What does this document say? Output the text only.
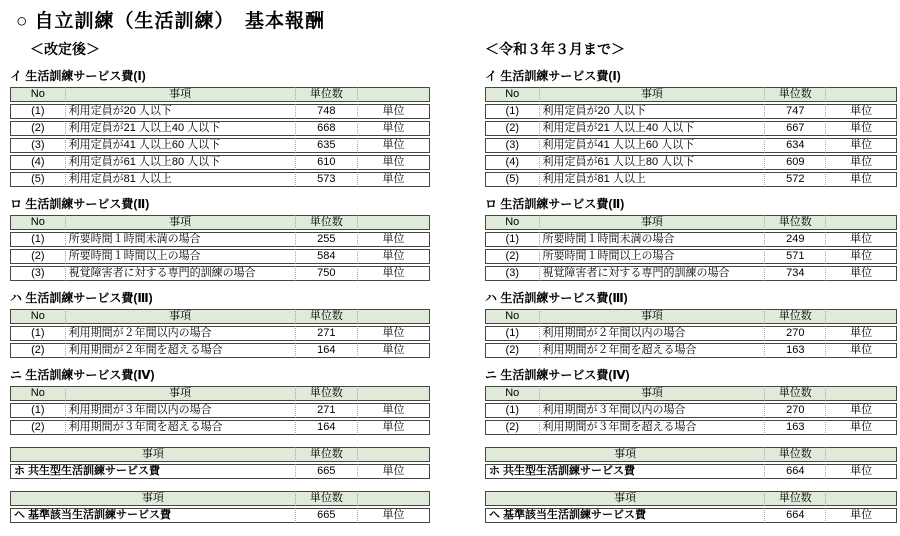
○ 自立訓練（生活訓練）　基本報酬
＜改定後＞
イ 生活訓練サービス費(Ⅰ)
No	事項	単位数	
(1)	利用定員が20 人以下	748	単位
(2)	利用定員が21 人以上40 人以下	668	単位
(3)	利用定員が41 人以上60 人以下	635	単位
(4)	利用定員が61 人以上80 人以下	610	単位
(5)	利用定員が81 人以上	573	単位
ロ 生活訓練サービス費(Ⅱ)
No	事項	単位数	
(1)	所要時間１時間未満の場合	255	単位
(2)	所要時間１時間以上の場合	584	単位
(3)	視覚障害者に対する専門的訓練の場合	750	単位
ハ 生活訓練サービス費(Ⅲ)
No	事項	単位数	
(1)	利用期間が２年間以内の場合	271	単位
(2)	利用期間が２年間を超える場合	164	単位
ニ 生活訓練サービス費(Ⅳ)
No	事項	単位数	
(1)	利用期間が３年間以内の場合	271	単位
(2)	利用期間が３年間を超える場合	164	単位
事項	単位数	
ホ 共生型生活訓練サービス費	665	単位
事項	単位数	
ヘ 基準該当生活訓練サービス費	665	単位
＜令和３年３月まで＞
イ 生活訓練サービス費(Ⅰ)
No	事項	単位数	
(1)	利用定員が20 人以下	747	単位
(2)	利用定員が21 人以上40 人以下	667	単位
(3)	利用定員が41 人以上60 人以下	634	単位
(4)	利用定員が61 人以上80 人以下	609	単位
(5)	利用定員が81 人以上	572	単位
ロ 生活訓練サービス費(Ⅱ)
No	事項	単位数	
(1)	所要時間１時間未満の場合	249	単位
(2)	所要時間１時間以上の場合	571	単位
(3)	視覚障害者に対する専門的訓練の場合	734	単位
ハ 生活訓練サービス費(Ⅲ)
No	事項	単位数	
(1)	利用期間が２年間以内の場合	270	単位
(2)	利用期間が２年間を超える場合	163	単位
ニ 生活訓練サービス費(Ⅳ)
No	事項	単位数	
(1)	利用期間が３年間以内の場合	270	単位
(2)	利用期間が３年間を超える場合	163	単位
事項	単位数	
ホ 共生型生活訓練サービス費	664	単位
事項	単位数	
ヘ 基準該当生活訓練サービス費	664	単位
